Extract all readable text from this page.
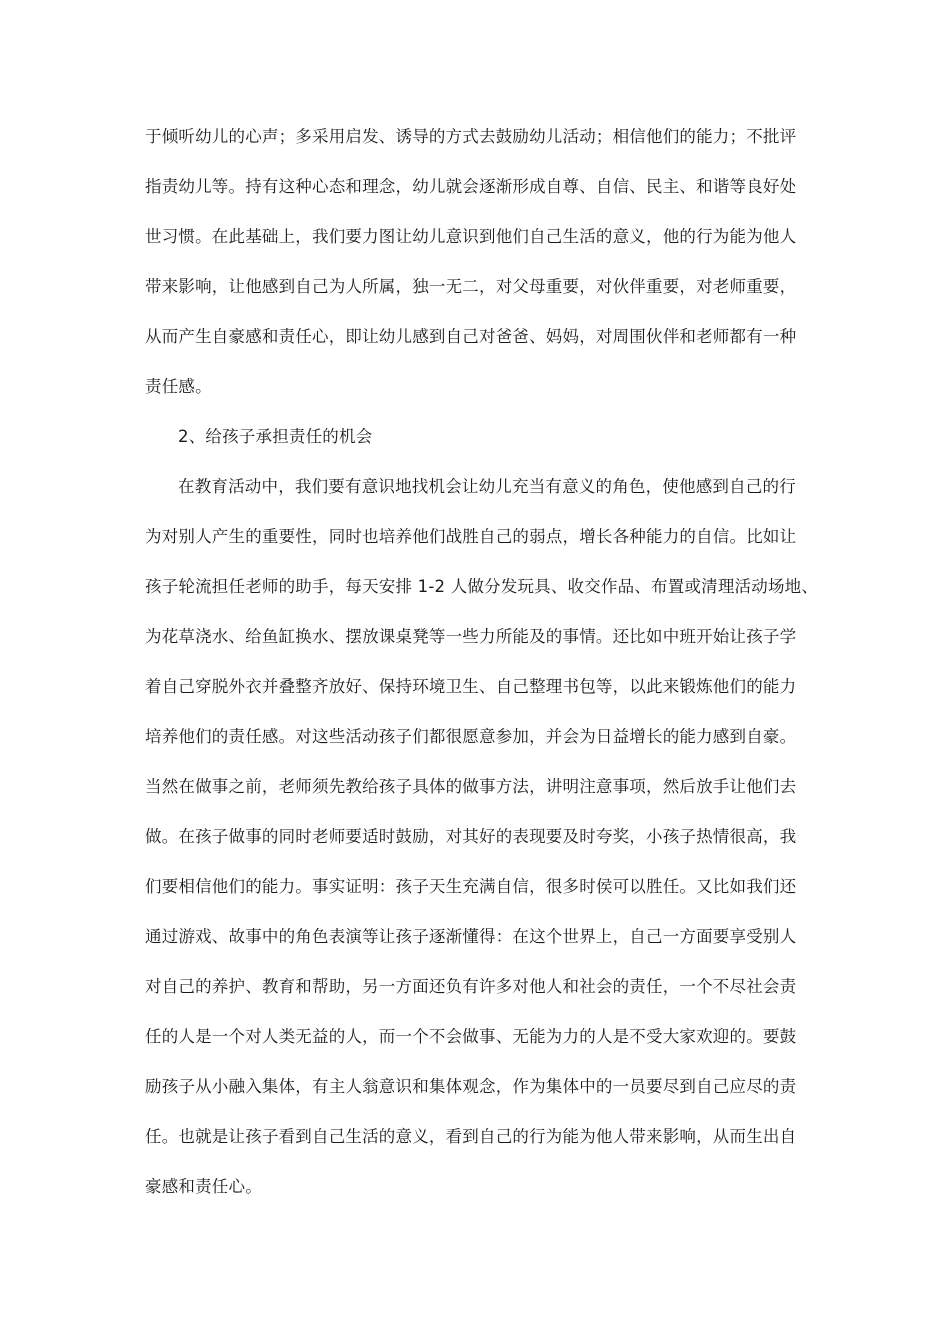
于倾听幼儿的心声；多采用启发、诱导的方式去鼓励幼儿活动；相信他们的能力；不批评
指责幼儿等。持有这种心态和理念，幼儿就会逐渐形成自尊、自信、民主、和谐等良好处
世习惯。在此基础上，我们要力图让幼儿意识到他们自己生活的意义，他的行为能为他人
带来影响，让他感到自己为人所属，独一无二，对父母重要，对伙伴重要，对老师重要，
从而产生自豪感和责任心，即让幼儿感到自己对爸爸、妈妈，对周围伙伴和老师都有一种
责任感。
2、给孩子承担责任的机会
在教育活动中，我们要有意识地找机会让幼儿充当有意义的角色，使他感到自己的行
为对别人产生的重要性，同时也培养他们战胜自己的弱点，增长各种能力的自信。比如让
孩子轮流担任老师的助手，每天安排 1-2 人做分发玩具、收交作品、布置或清理活动场地、
为花草浇水、给鱼缸换水、摆放课桌凳等一些力所能及的事情。还比如中班开始让孩子学
着自己穿脱外衣并叠整齐放好、保持环境卫生、自己整理书包等，以此来锻炼他们的能力
培养他们的责任感。对这些活动孩子们都很愿意参加，并会为日益增长的能力感到自豪。
当然在做事之前，老师须先教给孩子具体的做事方法，讲明注意事项，然后放手让他们去
做。在孩子做事的同时老师要适时鼓励，对其好的表现要及时夸奖，小孩子热情很高，我
们要相信他们的能力。事实证明：孩子天生充满自信，很多时侯可以胜任。又比如我们还
通过游戏、故事中的角色表演等让孩子逐渐懂得：在这个世界上，自己一方面要享受别人
对自己的养护、教育和帮助，另一方面还负有许多对他人和社会的责任，一个不尽社会责
任的人是一个对人类无益的人，而一个不会做事、无能为力的人是不受大家欢迎的。要鼓
励孩子从小融入集体，有主人翁意识和集体观念，作为集体中的一员要尽到自己应尽的责
任。也就是让孩子看到自己生活的意义，看到自己的行为能为他人带来影响，从而生出自
豪感和责任心。
